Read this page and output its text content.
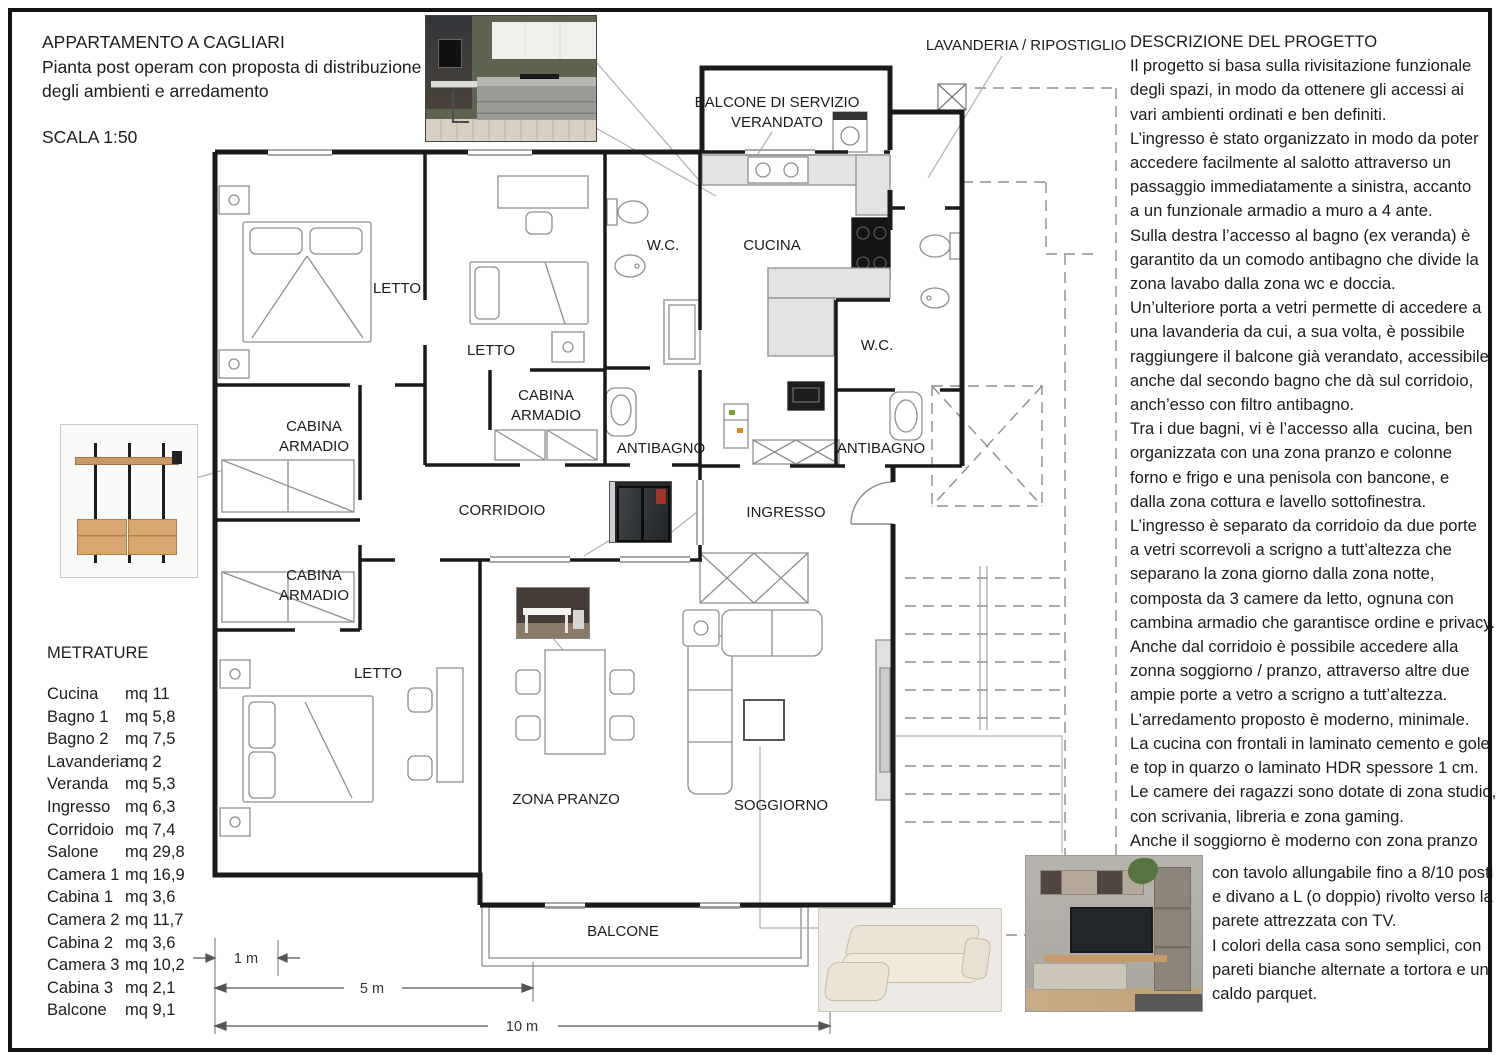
1 m
5 m
10 m
LAVANDERIA / RIPOSTIGLIO
BALCONE DI SERVIZIO
VERANDATO
W.C.	CUCINA
W.C.
LETTO
LETTO
CABINA
ARMADIO
CABINA
ARMADIO
ANTIBAGNO	ANTIBAGNO
CORRIDOIO	INGRESSO
CABINA
ARMADIO
LETTO
ZONA PRANZO	SOGGIORNO
BALCONE
APPARTAMENTO A CAGLIARI
Pianta post operam con proposta di distribuzione
degli ambienti e arredamento
SCALA 1:50
METRATURE
Cucina mq 11
Bagno 1 mq 5,8
Bagno 2 mq 7,5
Lavanderiamq 2
Veranda mq 5,3
Ingresso mq 6,3
Corridoio mq 7,4
Salone mq 29,8
Camera 1 mq 16,9
Cabina 1 mq 3,6
Camera 2 mq 11,7
Cabina 2 mq 3,6
Camera 3 mq 10,2
Cabina 3 mq 2,1
Balcone mq 9,1
DESCRIZIONE DEL PROGETTO
Il progetto si basa sulla rivisitazione funzionale
degli spazi, in modo da ottenere gli accessi ai
vari ambienti ordinati e ben definiti.
L’ingresso è stato organizzato in modo da poter
accedere facilmente al salotto attraverso un
passaggio immediatamente a sinistra, accanto
a un funzionale armadio a muro a 4 ante.
Sulla destra l’accesso al bagno (ex veranda) è
garantito da un comodo antibagno che divide la
zona lavabo dalla zona wc e doccia.
Un’ulteriore porta a vetri permette di accedere a
una lavanderia da cui, a sua volta, è possibile
raggiungere il balcone già verandato, accessibile
anche dal secondo bagno che dà sul corridoio,
anch’esso con filtro antibagno.
Tra i due bagni, vi è l’accesso alla  cucina, ben
organizzata con una zona pranzo e colonne
forno e frigo e una penisola con bancone, e
dalla zona cottura e lavello sottofinestra.
L’ingresso è separato da corridoio da due porte
a vetri scorrevoli a scrigno a tutt’altezza che
separano la zona giorno dalla zona notte,
composta da 3 camere da letto, ognuna con
cambina armadio che garantisce ordine e privacy.
Anche dal corridoio è possibile accedere alla
zonna soggiorno / pranzo, attraverso altre due
ampie porte a vetro a scrigno a tutt’altezza.
L’arredamento proposto è moderno, minimale.
La cucina con frontali in laminato cemento e gole
e top in quarzo o laminato HDR spessore 1 cm.
Le camere dei ragazzi sono dotate di zona studio,
con scrivania, libreria e zona gaming.
Anche il soggiorno è moderno con zona pranzo
con tavolo allungabile fino a 8/10 posti
e divano a L (o doppio) rivolto verso la
parete attrezzata con TV.
I colori della casa sono semplici, con
pareti bianche alternate a tortora e un
caldo parquet.
